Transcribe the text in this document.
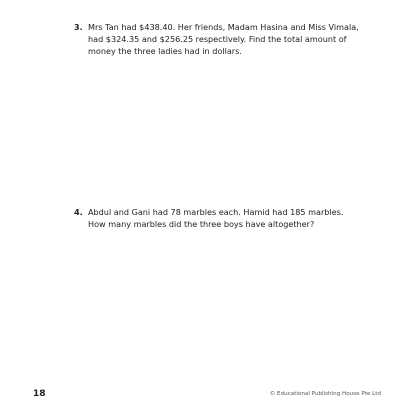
3. Mrs Tan had $438.40. Her friends, Madam Hasina and Miss Vimala,
had $324.35 and $256.25 respectively. Find the total amount of
money the three ladies had in dollars.
4. Abdul and Gani had 78 marbles each. Hamid had 185 marbles.
How many marbles did the three boys have altogether?
18	© Educational Publishing House Pte Ltd
